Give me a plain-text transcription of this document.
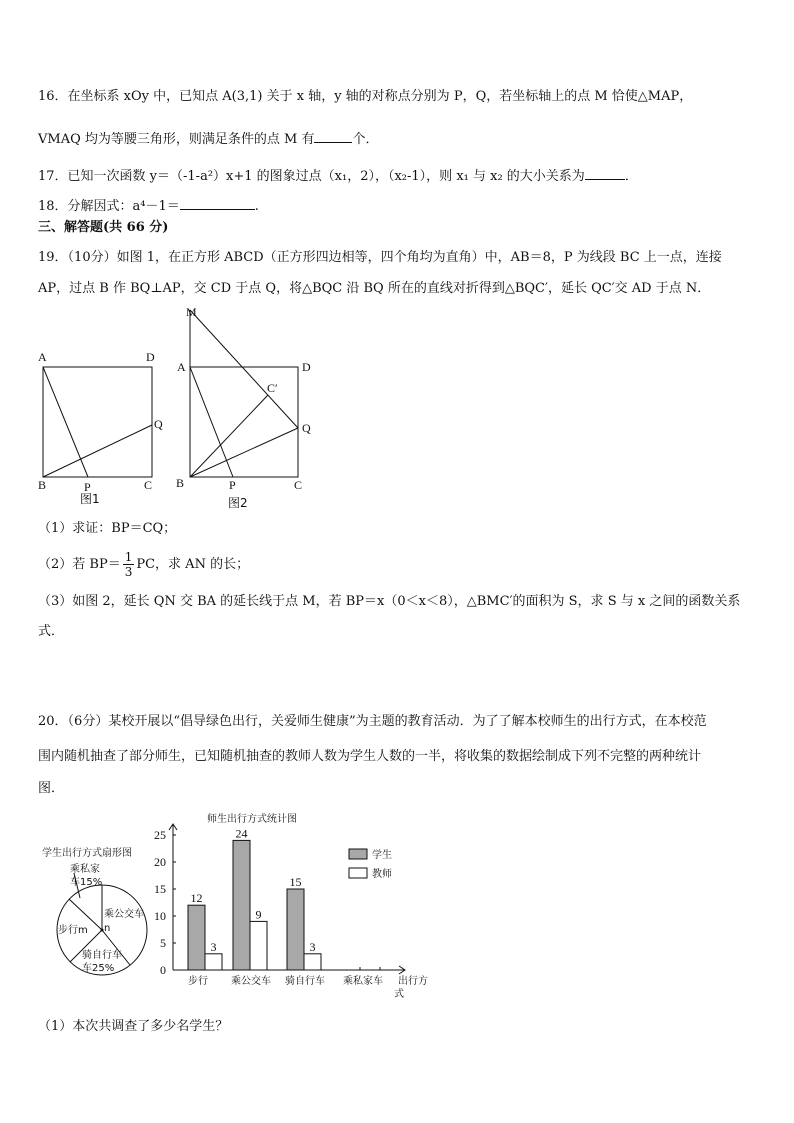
16．在坐标系 xOy 中，已知点 A(3,1) 关于 x 轴，y 轴的对称点分别为 P，Q，若坐标轴上的点 M 恰使△MAP，
VMAQ 均为等腰三角形，则满足条件的点 M 有	个．
17．已知一次函数 y＝（-1-a²）x+1 的图象过点（x₁，2），（x₂-1），则 x₁ 与 x₂ 的大小关系为	．
18．分解因式：a⁴－1＝	.
三、解答题(共 66 分)
19．（10分）如图 1，在正方形 ABCD（正方形四边相等，四个角均为直角）中，AB＝8，P 为线段 BC 上一点，连接
AP，过点 B 作 BQ⊥AP，交 CD 于点 Q，将△BQC 沿 BQ 所在的直线对折得到△BQC′，延长 QC′交 AD 于点 N．
A	D
B	C
P
Q
图1
M
A	D
B	C
P
Q
C′
图2
（1）求证：BP＝CQ；
（2）若 $BP= \frac{1}{3}$ PC，求 AN 的长；
（3）如图 2，延长 QN 交 BA 的延长线于点 M，若 BP＝x（0＜x＜8），△BMC′的面积为 S，求 S 与 x 之间的函数关系
式．
20．（6分）某校开展以“倡导绿色出行，关爱师生健康”为主题的教育活动．为了了解本校师生的出行方式，在本校范
围内随机抽查了部分师生，已知随机抽查的教师人数为学生人数的一半，将收集的数据绘制成下列不完整的两种统计
图．
学生出行方式扇形图
乘公交车
n
步行m
骑自行车
车25%
乘私家
车15%
师生出行方式统计图
0
5
10
15
20
25
步行
12
3
乘公交车
24
9
骑自行车
15
3
乘私家车
学生
教师
出行方
式
（1）本次共调查了多少名学生？
